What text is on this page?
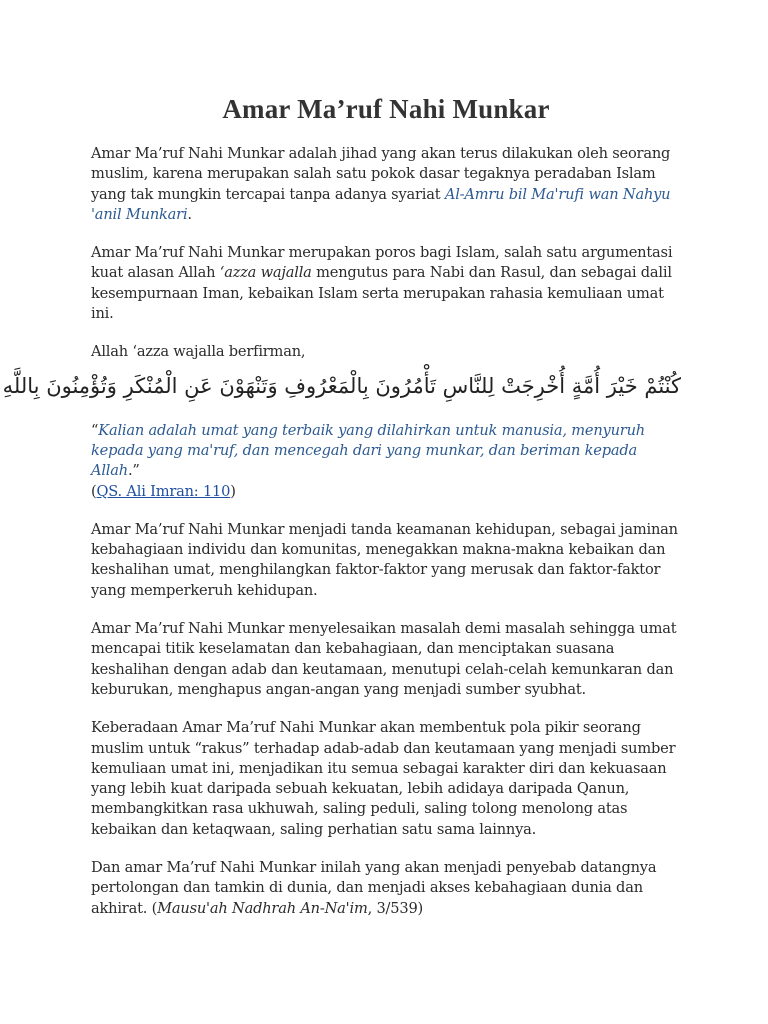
Amar Ma’ruf Nahi Munkar

Amar Ma’ruf Nahi Munkar adalah jihad yang akan terus dilakukan oleh seorang muslim, karena merupakan salah satu pokok dasar tegaknya peradaban Islam yang tak mungkin tercapai tanpa adanya syariat Al-Amru bil Ma'rufi wan Nahyu 'anil Munkari.

Amar Ma’ruf Nahi Munkar merupakan poros bagi Islam, salah satu argumentasi kuat alasan Allah ‘azza wajalla mengutus para Nabi dan Rasul, dan sebagai dalil kesempurnaan Iman, kebaikan Islam serta merupakan rahasia kemuliaan umat ini.

Allah ‘azza wajalla berfirman,

كُنْتُمْ خَيْرَ أُمَّةٍ أُخْرِجَتْ لِلنَّاسِ تَأْمُرُونَ بِالْمَعْرُوفِ وَتَنْهَوْنَ عَنِ الْمُنْكَرِ وَتُؤْمِنُونَ بِاللَّهِ

“Kalian adalah umat yang terbaik yang dilahirkan untuk manusia, menyuruh kepada yang ma'ruf, dan mencegah dari yang munkar, dan beriman kepada Allah.”
(QS. Ali Imran: 110)

Amar Ma’ruf Nahi Munkar menjadi tanda keamanan kehidupan, sebagai jaminan kebahagiaan individu dan komunitas, menegakkan makna-makna kebaikan dan keshalihan umat, menghilangkan faktor-faktor yang merusak dan faktor-faktor yang memperkeruh kehidupan.

Amar Ma’ruf Nahi Munkar menyelesaikan masalah demi masalah sehingga umat mencapai titik keselamatan dan kebahagiaan, dan menciptakan suasana keshalihan dengan adab dan keutamaan, menutupi celah-celah kemunkaran dan keburukan, menghapus angan-angan yang menjadi sumber syubhat.

Keberadaan Amar Ma’ruf Nahi Munkar akan membentuk pola pikir seorang muslim untuk “rakus” terhadap adab-adab dan keutamaan yang menjadi sumber kemuliaan umat ini, menjadikan itu semua sebagai karakter diri dan kekuasaan yang lebih kuat daripada sebuah kekuatan, lebih adidaya daripada Qanun, membangkitkan rasa ukhuwah, saling peduli, saling tolong menolong atas kebaikan dan ketaqwaan, saling perhatian satu sama lainnya.

Dan amar Ma’ruf Nahi Munkar inilah yang akan menjadi penyebab datangnya pertolongan dan tamkin di dunia, dan menjadi akses kebahagiaan dunia dan akhirat. (Mausu'ah Nadhrah An-Na'im, 3/539)
